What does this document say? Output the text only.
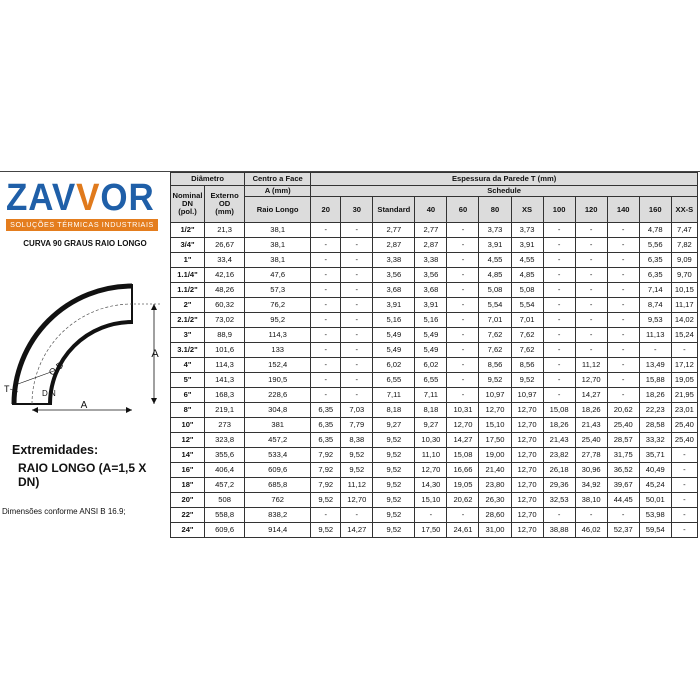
ZAVVOR
SOLUÇÕES TÉRMICAS INDUSTRIAIS
CURVA 90 GRAUS RAIO LONGO
A
A
O.D
D.N
T
Extremidades:
RAIO LONGO (A=1,5 X DN)
Dimensões conforme ANSI B 16.9;
Diâmetro		Centro a Face	Espessura da Parede T (mm)											
Nominal
DN
(pol.)	Externo
OD
(mm)	A (mm)	Schedule											
		Raio Longo	20	30	Standard	40	60	80	XS	100	120	140	160	XX-S
1/2"	21,3	38,1	-	-	2,77	2,77	-	3,73	3,73	-	-	-	4,78	7,47
3/4"	26,67	38,1	-	-	2,87	2,87	-	3,91	3,91	-	-	-	5,56	7,82
1"	33,4	38,1	-	-	3,38	3,38	-	4,55	4,55	-	-	-	6,35	9,09
1.1/4"	42,16	47,6	-	-	3,56	3,56	-	4,85	4,85	-	-	-	6,35	9,70
1.1/2"	48,26	57,3	-	-	3,68	3,68	-	5,08	5,08	-	-	-	7,14	10,15
2"	60,32	76,2	-	-	3,91	3,91	-	5,54	5,54	-	-	-	8,74	11,17
2.1/2"	73,02	95,2	-	-	5,16	5,16	-	7,01	7,01	-	-	-	9,53	14,02
3"	88,9	114,3	-	-	5,49	5,49	-	7,62	7,62	-	-	-	11,13	15,24
3.1/2"	101,6	133	-	-	5,49	5,49	-	7,62	7,62	-	-	-	-	-
4"	114,3	152,4	-	-	6,02	6,02	-	8,56	8,56	-	11,12	-	13,49	17,12
5"	141,3	190,5	-	-	6,55	6,55	-	9,52	9,52	-	12,70	-	15,88	19,05
6"	168,3	228,6	-	-	7,11	7,11	-	10,97	10,97	-	14,27	-	18,26	21,95
8"	219,1	304,8	6,35	7,03	8,18	8,18	10,31	12,70	12,70	15,08	18,26	20,62	22,23	23,01
10"	273	381	6,35	7,79	9,27	9,27	12,70	15,10	12,70	18,26	21,43	25,40	28,58	25,40
12"	323,8	457,2	6,35	8,38	9,52	10,30	14,27	17,50	12,70	21,43	25,40	28,57	33,32	25,40
14"	355,6	533,4	7,92	9,52	9,52	11,10	15,08	19,00	12,70	23,82	27,78	31,75	35,71	-
16"	406,4	609,6	7,92	9,52	9,52	12,70	16,66	21,40	12,70	26,18	30,96	36,52	40,49	-
18"	457,2	685,8	7,92	11,12	9,52	14,30	19,05	23,80	12,70	29,36	34,92	39,67	45,24	-
20"	508	762	9,52	12,70	9,52	15,10	20,62	26,30	12,70	32,53	38,10	44,45	50,01	-
22"	558,8	838,2	-	-	9,52	-	-	28,60	12,70	-	-	-	53,98	-
24"	609,6	914,4	9,52	14,27	9,52	17,50	24,61	31,00	12,70	38,88	46,02	52,37	59,54	-
